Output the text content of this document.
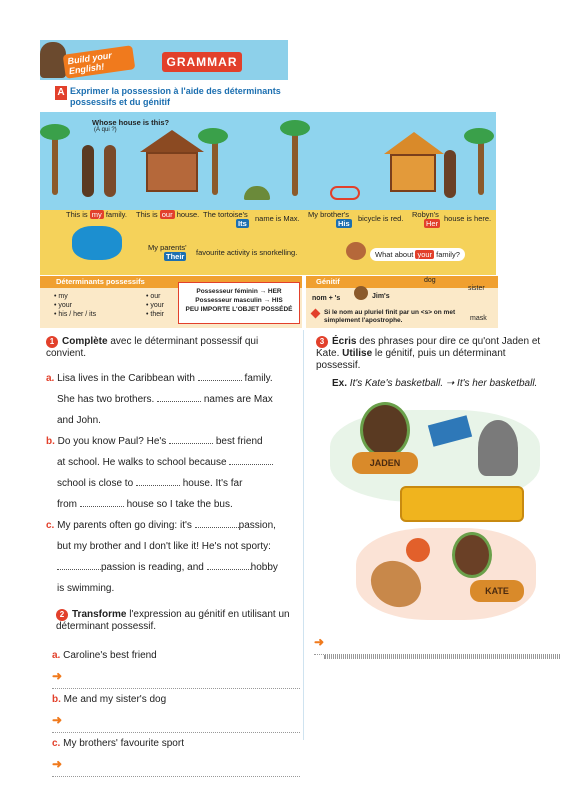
Build your English!	GRAMMAR
A Exprimer la possession à l'aide des déterminants possessifs et du génitif
Whose house is this?
(À qui ?)
This is my family. This is our house. The tortoise's
Its
name is Max. My brother's
His
bicycle is red. Robyn's
Her
house is here.
My parents'
Their favourite activity is snorkelling.	What about your family?
Déterminants possessifs
• my
• your
• his / her / its
• our
• your
• their
Possesseur féminin → HER
Possesseur masculin → HIS
PEU IMPORTE L'OBJET POSSÉDÉ
Génitif
nom + 's	Jim's
dog
sister
mask
Si le nom au pluriel finit par un <s> on met simplement l'apostrophe.
1 Complète avec le déterminant possessif qui convient.
a. Lisa lives in the Caribbean with	family.
She has two brothers.	names are Max
and John.
b. Do you know Paul? He's	best friend
at school. He walks to school because
school is close to	house. It's far
from	house so I take the bus.
c. My parents often go diving: it's	passion,
but my brother and I don't like it! He's not sporty:
passion is reading, and	hobby
is swimming.
2 Transforme l'expression au génitif en utilisant un déterminant possessif.
a. Caroline's best friend
➜
b. Me and my sister's dog
➜
c. My brothers' favourite sport
➜
3 Écris des phrases pour dire ce qu'ont Jaden et Kate. Utilise le génitif, puis un déterminant possessif.
Ex. It's Kate's basketball. ➝ It's her basketball.
JADEN
KATE
➜
